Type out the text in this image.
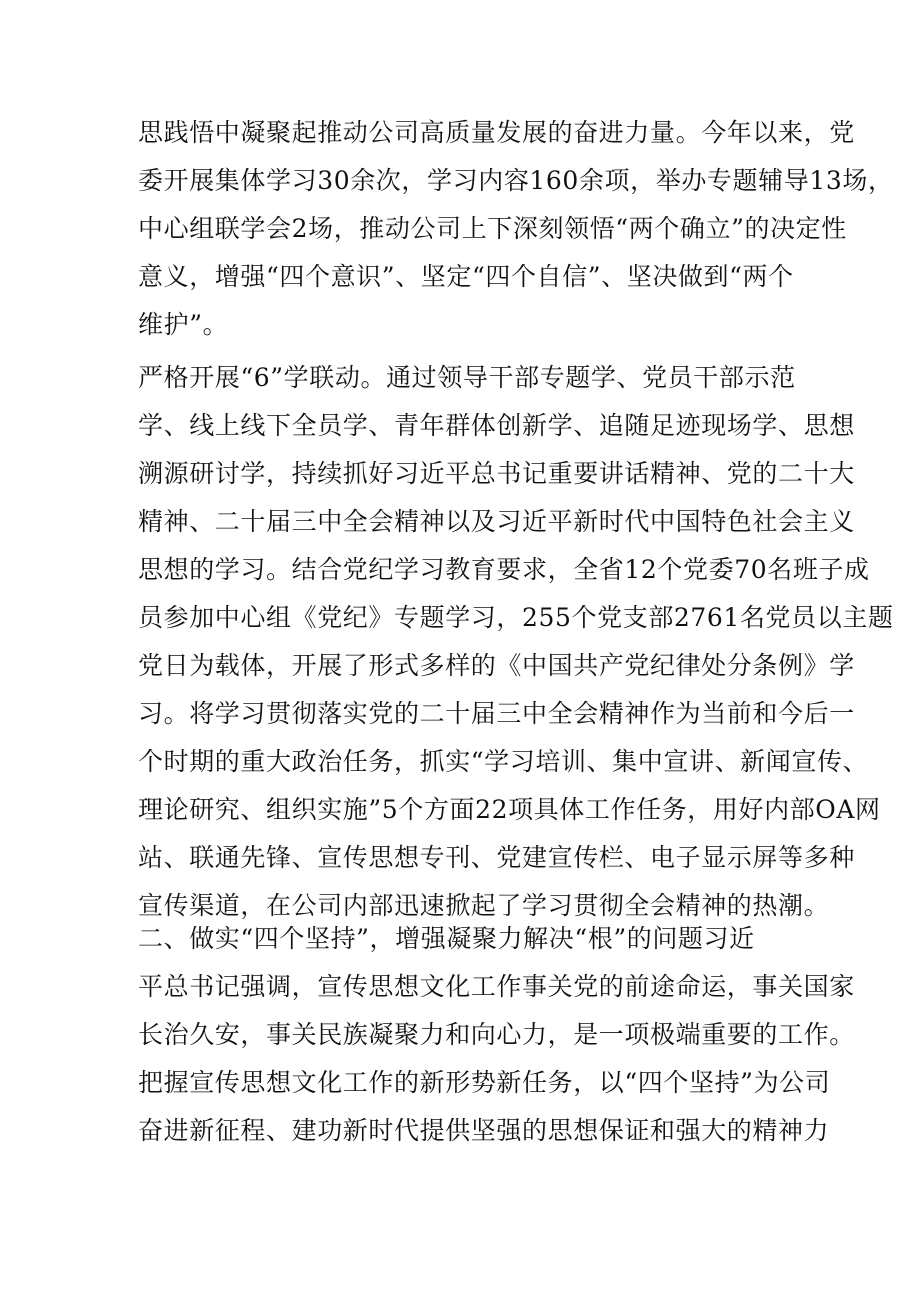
思践悟中凝聚起推动公司高质量发展的奋进力量。今年以来，党
委开展集体学习30余次，学习内容160余项，举办专题辅导13场，
中心组联学会2场，推动公司上下深刻领悟“两个确立”的决定性
意义，增强“四个意识”、坚定“四个自信”、坚决做到“两个
维护”。
严格开展“6”学联动。通过领导干部专题学、党员干部示范
学、线上线下全员学、青年群体创新学、追随足迹现场学、思想
溯源研讨学，持续抓好习近平总书记重要讲话精神、党的二十大
精神、二十届三中全会精神以及习近平新时代中国特色社会主义
思想的学习。结合党纪学习教育要求，全省12个党委70名班子成
员参加中心组《党纪》专题学习，255个党支部2761名党员以主题
党日为载体，开展了形式多样的《中国共产党纪律处分条例》学
习。将学习贯彻落实党的二十届三中全会精神作为当前和今后一
个时期的重大政治任务，抓实“学习培训、集中宣讲、新闻宣传、
理论研究、组织实施”5个方面22项具体工作任务，用好内部OA网
站、联通先锋、宣传思想专刊、党建宣传栏、电子显示屏等多种
宣传渠道，在公司内部迅速掀起了学习贯彻全会精神的热潮。
二、做实“四个坚持”，增强凝聚力解决“根”的问题习近
平总书记强调，宣传思想文化工作事关党的前途命运，事关国家
长治久安，事关民族凝聚力和向心力，是一项极端重要的工作。
把握宣传思想文化工作的新形势新任务，以“四个坚持”为公司
奋进新征程、建功新时代提供坚强的思想保证和强大的精神力
